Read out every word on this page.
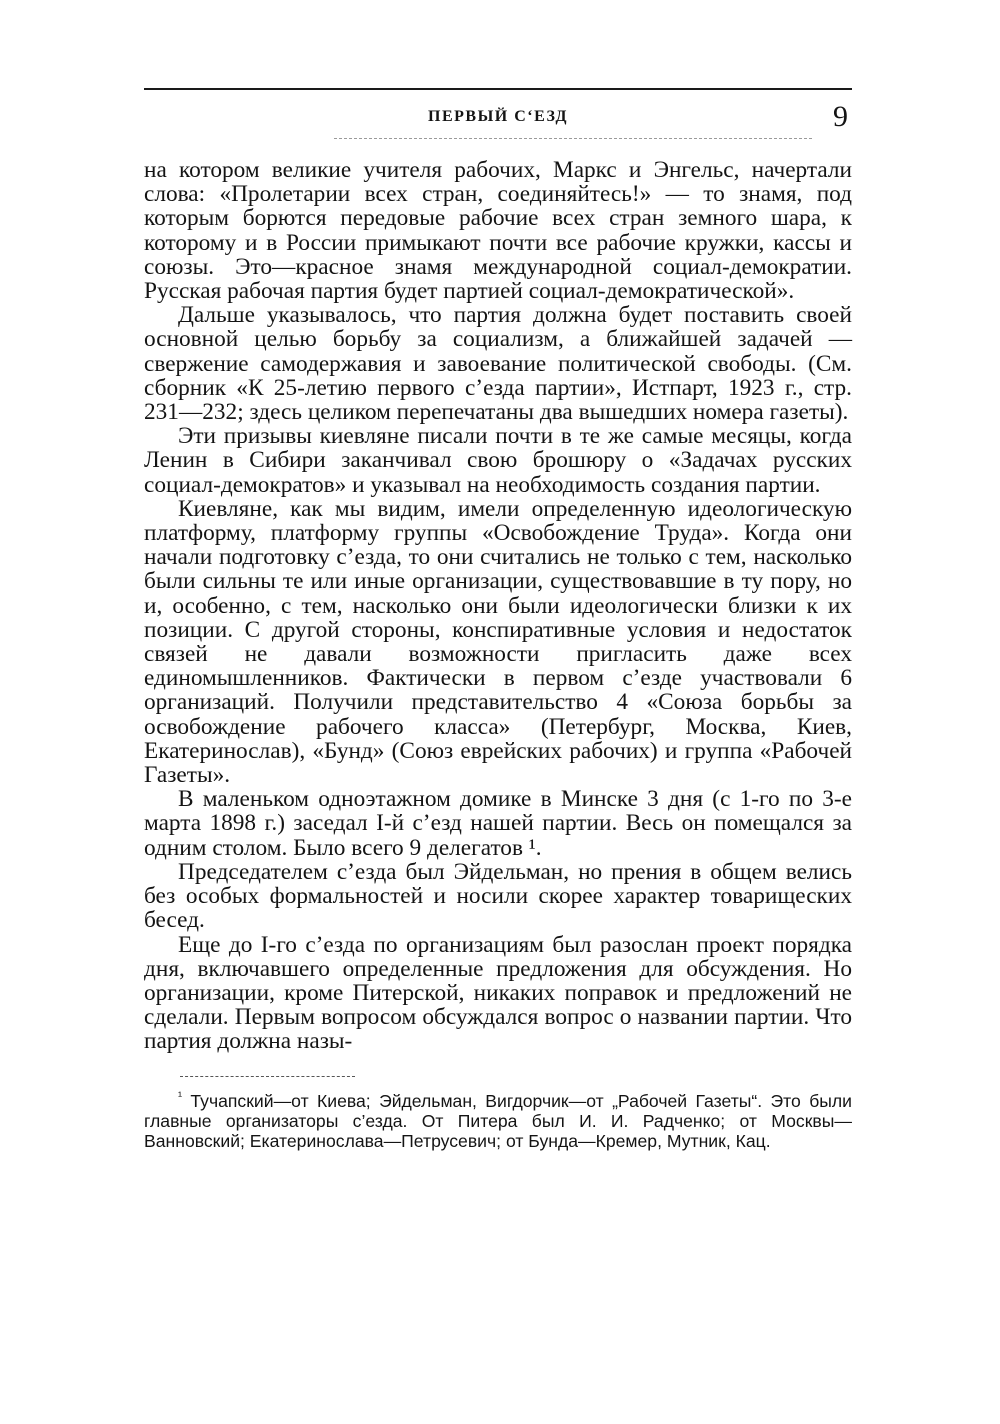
ПЕРВЫЙ С‘ЕЗД	9

на котором великие учителя рабочих, Маркс и Энгельс, начертали слова: «Пролетарии всех стран, соединяйтесь!» — то знамя, под которым борются передовые рабочие всех стран земного шара, к которому и в России примыкают почти все рабочие кружки, кассы и союзы. Это—красное знамя международной социал-демократии. Русская рабочая партия будет партией социал-демократической».

Дальше указывалось, что партия должна будет поставить своей основной целью борьбу за социализм, а ближайшей задачей — свержение самодержавия и завоевание политической свободы. (См. сборник «К 25-летию первого с’езда партии», Истпарт, 1923 г., стр. 231—232; здесь целиком перепечатаны два вышедших номера газеты).

Эти призывы киевляне писали почти в те же самые месяцы, когда Ленин в Сибири заканчивал свою брошюру о «Задачах русских социал-демократов» и указывал на необходимость создания партии.

Киевляне, как мы видим, имели определенную идеологическую платформу, платформу группы «Освобождение Труда». Когда они начали подготовку с’езда, то они считались не только с тем, насколько были сильны те или иные организации, существовавшие в ту пору, но и, особенно, с тем, насколько они были идеологически близки к их позиции. С другой стороны, конспиративные условия и недостаток связей не давали возможности пригласить даже всех единомышленников. Фактически в первом с’езде участвовали 6 организаций. Получили представительство 4 «Союза борьбы за освобождение рабочего класса» (Петербург, Москва, Киев, Екатеринослав), «Бунд» (Союз еврейских рабочих) и группа «Рабочей Газеты».

В маленьком одноэтажном домике в Минске 3 дня (с 1-го по 3-е марта 1898 г.) заседал I-й с’езд нашей партии. Весь он помещался за одним столом. Было всего 9 делегатов ¹.

Председателем с’езда был Эйдельман, но прения в общем велись без особых формальностей и носили скорее характер товарищеских бесед.

Еще до I-го с’езда по организациям был разослан проект порядка дня, включавшего определенные предложения для обсуждения. Но организации, кроме Питерской, никаких поправок и предложений не сделали. Первым вопросом обсуждался вопрос о названии партии. Что партия должна назы-

$^{^1}$ Тучапский—от Киева; Эйдельман, Вигдорчик—от „Рабочей Газеты“. Это были главные организаторы с’езда. От Питера был И. И. Радченко; от Москвы—Ванновский; Екатеринослава—Петрусевич; от Бунда—Кремер, Мутник, Кац.
